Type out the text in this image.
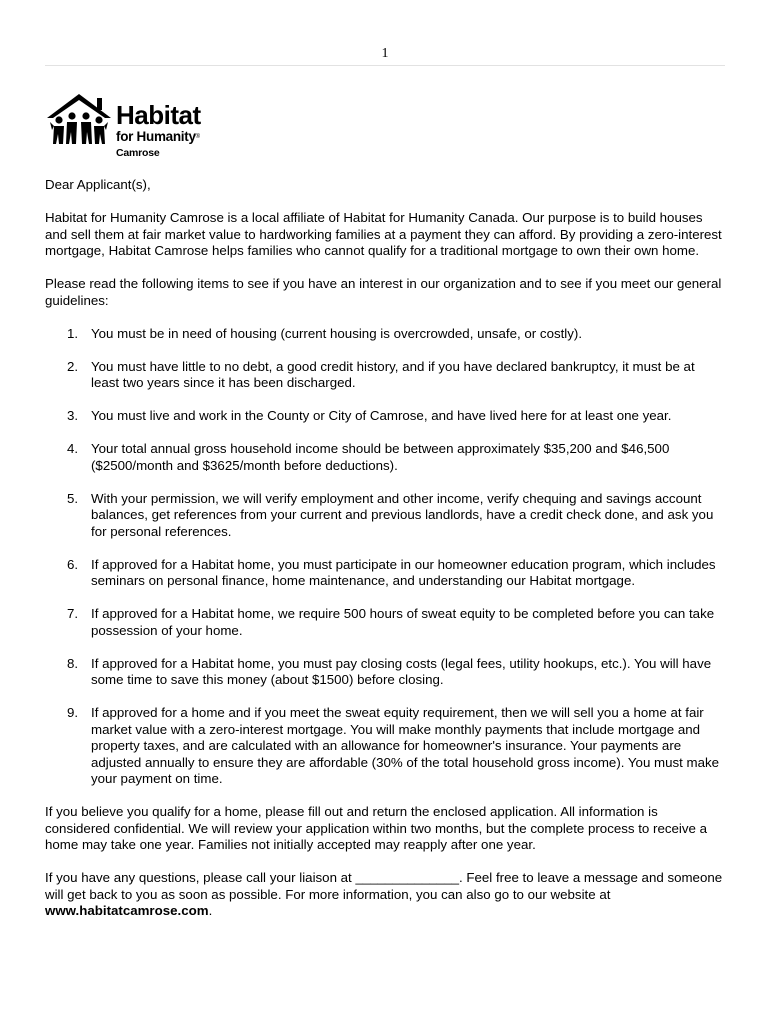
1
Habitat
for Humanity®
Camrose

Dear Applicant(s),

Habitat for Humanity Camrose is a local affiliate of Habitat for Humanity Canada. Our purpose is to build houses and sell them at fair market value to hardworking families at a payment they can afford. By providing a zero-interest mortgage, Habitat Camrose helps families who cannot qualify for a traditional mortgage to own their own home.

Please read the following items to see if you have an interest in our organization and to see if you meet our general guidelines:

1. You must be in need of housing (current housing is overcrowded, unsafe, or costly).
2. You must have little to no debt, a good credit history, and if you have declared bankruptcy, it must be at least two years since it has been discharged.
3. You must live and work in the County or City of Camrose, and have lived here for at least one year.
4. Your total annual gross household income should be between approximately $35,200 and $46,500 ($2500/month and $3625/month before deductions).
5. With your permission, we will verify employment and other income, verify chequing and savings account balances, get references from your current and previous landlords, have a credit check done, and ask you for personal references.
6. If approved for a Habitat home, you must participate in our homeowner education program, which includes seminars on personal finance, home maintenance, and understanding our Habitat mortgage.
7. If approved for a Habitat home, we require 500 hours of sweat equity to be completed before you can take possession of your home.
8. If approved for a Habitat home, you must pay closing costs (legal fees, utility hookups, etc.). You will have some time to save this money (about $1500) before closing.
9. If approved for a home and if you meet the sweat equity requirement, then we will sell you a home at fair market value with a zero-interest mortgage. You will make monthly payments that include mortgage and property taxes, and are calculated with an allowance for homeowner's insurance. Your payments are adjusted annually to ensure they are affordable (30% of the total household gross income). You must make your payment on time.

If you believe you qualify for a home, please fill out and return the enclosed application. All information is considered confidential. We will review your application within two months, but the complete process to receive a home may take one year. Families not initially accepted may reapply after one year.

If you have any questions, please call your liaison at ______________. Feel free to leave a message and someone will get back to you as soon as possible. For more information, you can also go to our website at www.habitatcamrose.com.
